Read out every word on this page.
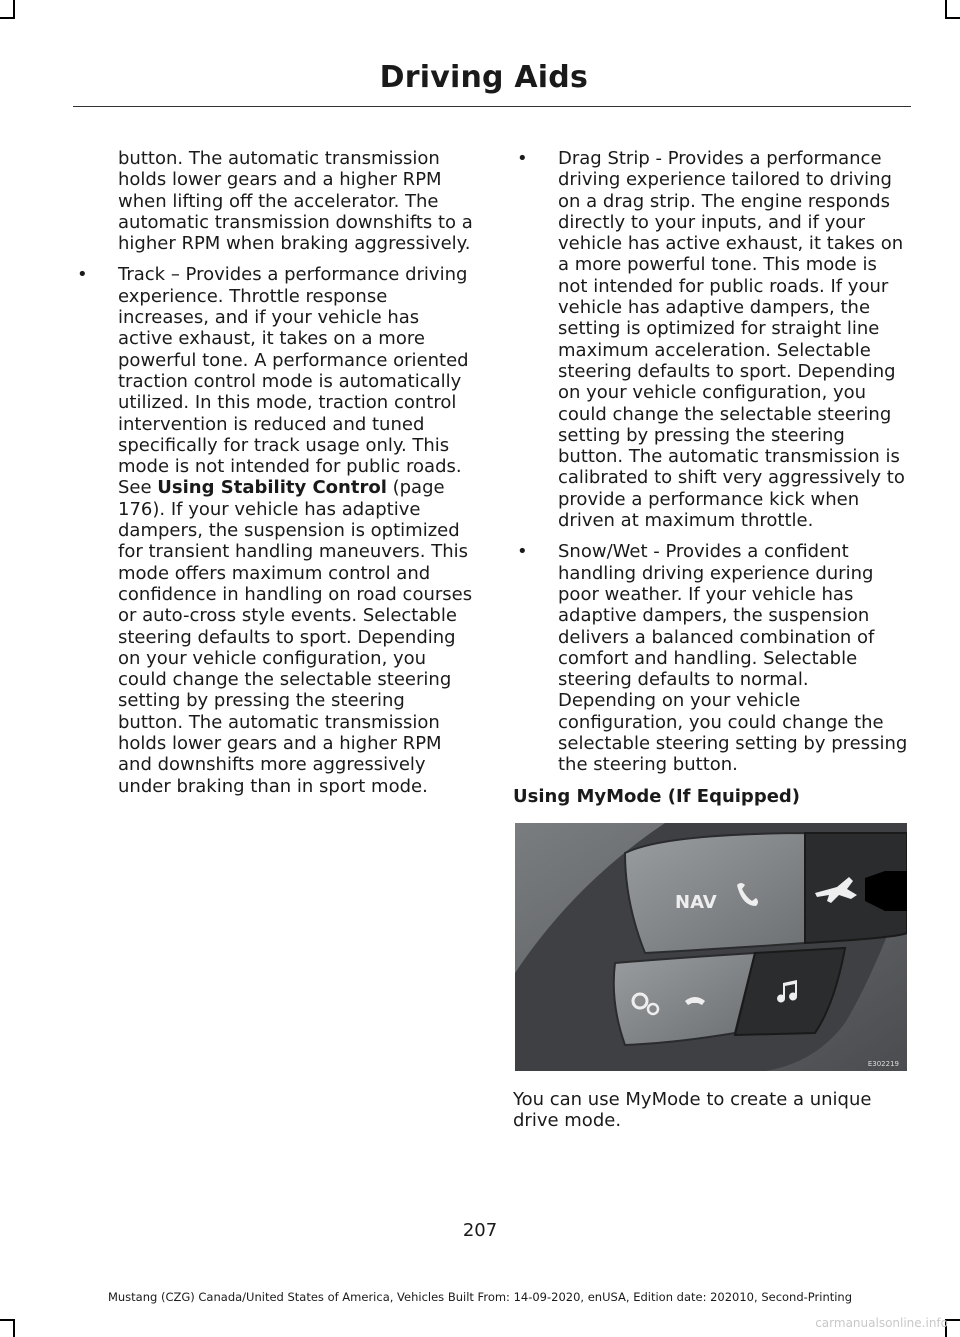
Driving Aids

button. The automatic transmission holds lower gears and a higher RPM when lifting off the accelerator. The automatic transmission downshifts to a higher RPM when braking aggressively.

• Track – Provides a performance driving experience. Throttle response increases, and if your vehicle has active exhaust, it takes on a more powerful tone. A performance oriented traction control mode is automatically utilized. In this mode, traction control intervention is reduced and tuned specifically for track usage only. This mode is not intended for public roads. See Using Stability Control (page 176). If your vehicle has adaptive dampers, the suspension is optimized for transient handling maneuvers. This mode offers maximum control and confidence in handling on road courses or auto-cross style events. Selectable steering defaults to sport. Depending on your vehicle configuration, you could change the selectable steering setting by pressing the steering button. The automatic transmission holds lower gears and a higher RPM and downshifts more aggressively under braking than in sport mode.
• Drag Strip - Provides a performance driving experience tailored to driving on a drag strip. The engine responds directly to your inputs, and if your vehicle has active exhaust, it takes on a more powerful tone. This mode is not intended for public roads. If your vehicle has adaptive dampers, the setting is optimized for straight line maximum acceleration. Selectable steering defaults to sport. Depending on your vehicle configuration, you could change the selectable steering setting by pressing the steering button. The automatic transmission is calibrated to shift very aggressively to provide a performance kick when driven at maximum throttle.
• Snow/Wet - Provides a confident handling driving experience during poor weather. If your vehicle has adaptive dampers, the suspension delivers a balanced combination of comfort and handling. Selectable steering defaults to normal. Depending on your vehicle configuration, you could change the selectable steering setting by pressing the steering button.
Using MyMode (If Equipped)
NAV
E302219

You can use MyMode to create a unique drive mode.

207
Mustang (CZG) Canada/United States of America, Vehicles Built From: 14-09-2020, enUSA, Edition date: 202010, Second-Printing
carmanualsonline.info
